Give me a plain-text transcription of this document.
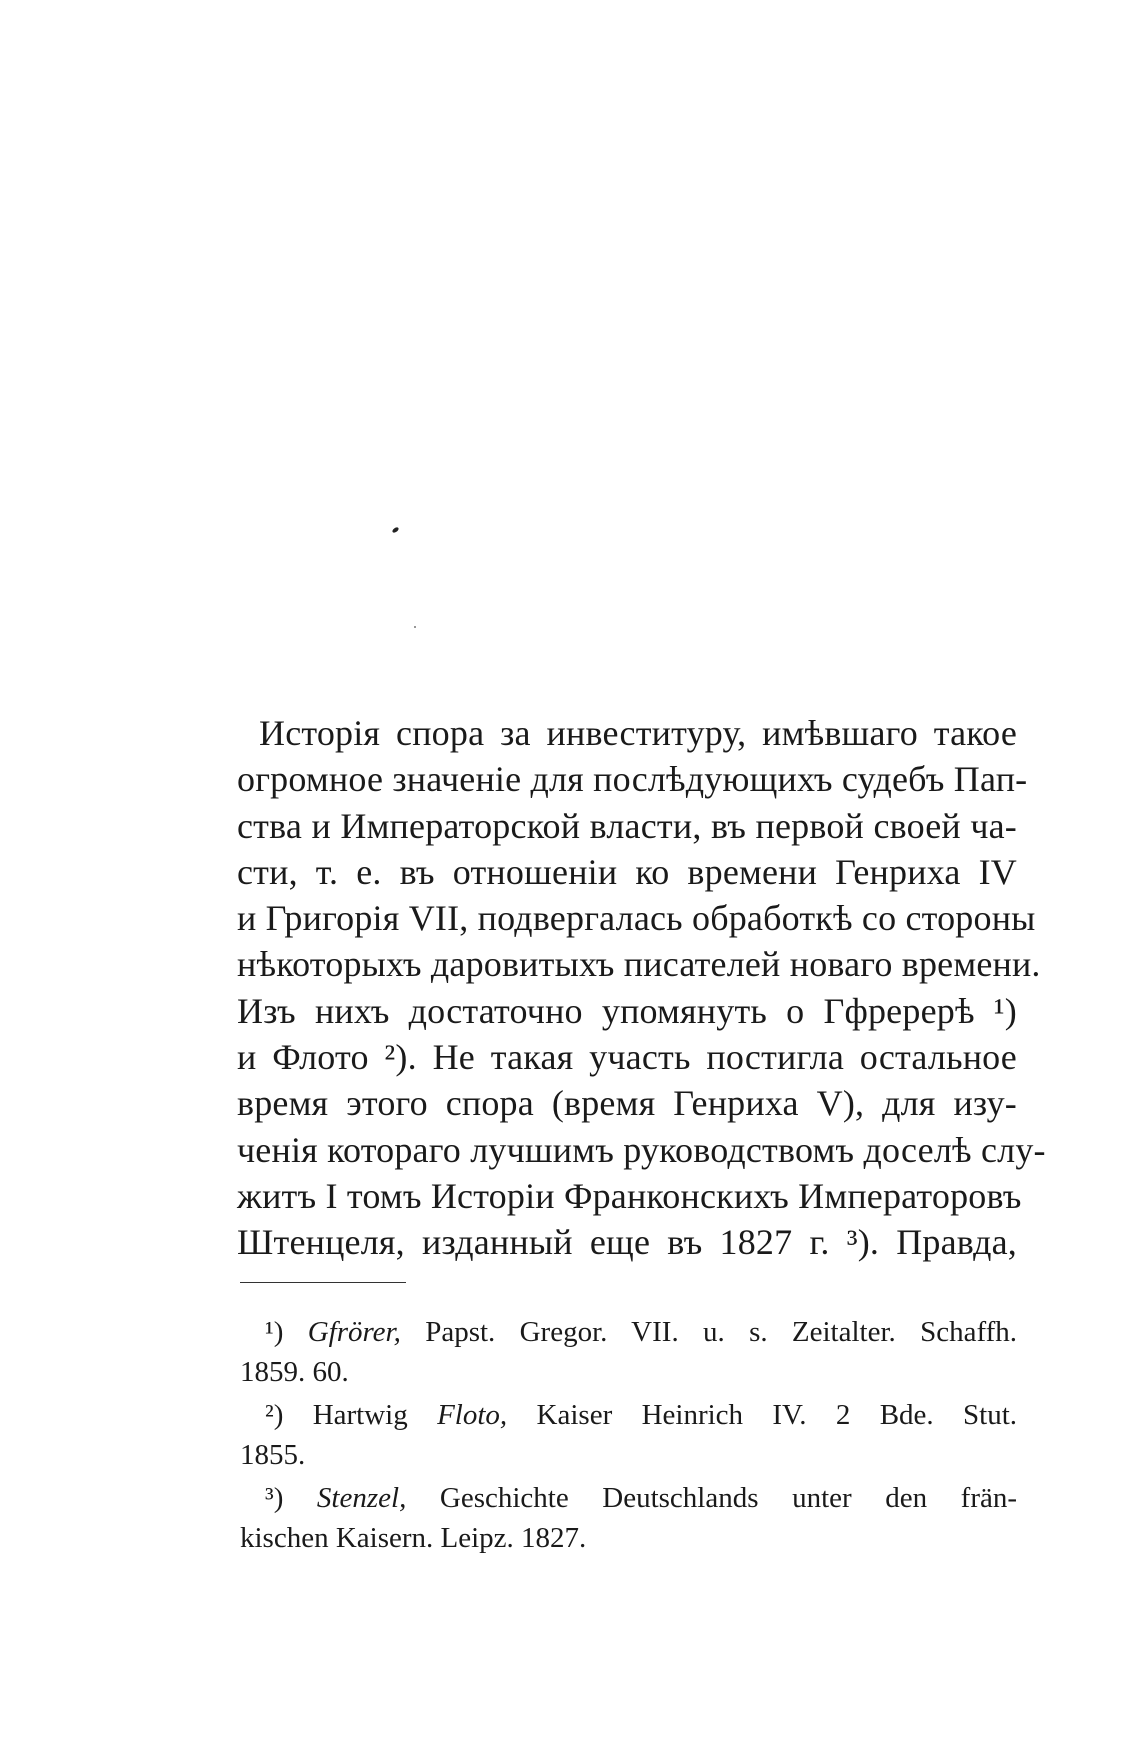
Исторія спора за инвеституру, имѣвшаго такое
огромное значеніе для послѣдующихъ судебъ Пап-
ства и Императорской власти, въ первой своей ча-
сти, т. е. въ отношеніи ко времени Генриха IV
и Григорія VII, подвергалась обработкѣ со стороны
нѣкоторыхъ даровитыхъ писателей новаго времени.
Изъ нихъ достаточно упомянуть о Гфререрѣ ¹)
и Флото ²). Не такая участь постигла остальное
время этого спора (время Генриха V), для изу-
ченія котораго лучшимъ руководствомъ доселѣ слу-
житъ I томъ Исторіи Франконскихъ Императоровъ
Штенцеля, изданный еще въ 1827 г. ³). Правда,
¹) Gfrörer, Papst. Gregor. VII. u. s. Zeitalter. Schaffh.
1859. 60.
²) Hartwig Floto, Kaiser Heinrich IV. 2 Bde. Stut.
1855.
³) Stenzel, Geschichte Deutschlands unter den frän-
kischen Kaisern. Leipz. 1827.
